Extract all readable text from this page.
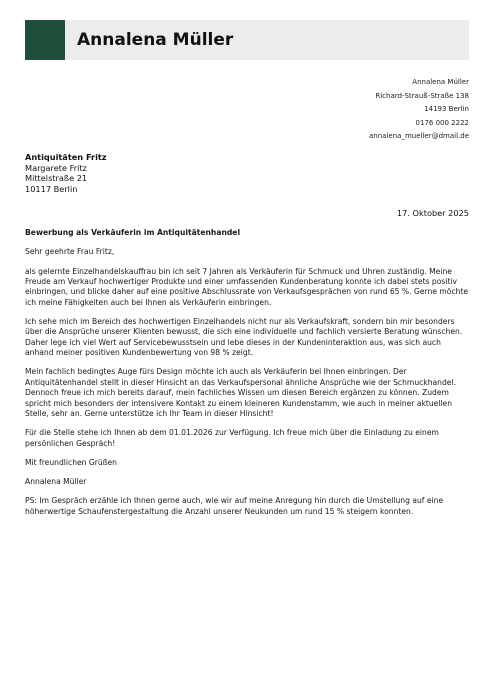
Annalena Müller
Annalena Müller
Richard-Strauß-Straße 138
14193 Berlin
0176 000 2222
annalena_mueller@dmail.de
Antiquitäten Fritz
Margarete Fritz
Mittelstraße 21
10117 Berlin
17. Oktober 2025

Bewerbung als Verkäuferin im Antiquitätenhandel

Sehr geehrte Frau Fritz,

als gelernte Einzelhandelskauffrau bin ich seit 7 Jahren als Verkäuferin für Schmuck und Uhren zuständig. Meine Freude am Verkauf hochwertiger Produkte und einer umfassenden Kundenberatung konnte ich dabei stets positiv einbringen, und blicke daher auf eine positive Abschlussrate von Verkaufsgesprächen von rund 65 %. Gerne möchte ich meine Fähigkeiten auch bei Ihnen als Verkäuferin einbringen.

Ich sehe mich im Bereich des hochwertigen Einzelhandels nicht nur als Verkaufskraft, sondern bin mir besonders über die Ansprüche unserer Klienten bewusst, die sich eine individuelle und fachlich versierte Beratung wünschen. Daher lege ich viel Wert auf Servicebewusstsein und lebe dieses in der Kundeninteraktion aus, was sich auch anhand meiner positiven Kundenbewertung von 98 % zeigt.

Mein fachlich bedingtes Auge fürs Design möchte ich auch als Verkäuferin bei Ihnen einbringen. Der Antiquitätenhandel stellt in dieser Hinsicht an das Verkaufspersonal ähnliche Ansprüche wie der Schmuckhandel. Dennoch freue ich mich bereits darauf, mein fachliches Wissen um diesen Bereich ergänzen zu können. Zudem spricht mich besonders der intensivere Kontakt zu einem kleineren Kundenstamm, wie auch in meiner aktuellen Stelle, sehr an. Gerne unterstütze ich Ihr Team in dieser Hinsicht!

Für die Stelle stehe ich Ihnen ab dem 01.01.2026 zur Verfügung. Ich freue mich über die Einladung zu einem persönlichen Gespräch!

Mit freundlichen Grüßen

Annalena Müller

PS: Im Gespräch erzähle ich Ihnen gerne auch, wie wir auf meine Anregung hin durch die Umstellung auf eine höherwertige Schaufenstergestaltung die Anzahl unserer Neukunden um rund 15 % steigern konnten.
